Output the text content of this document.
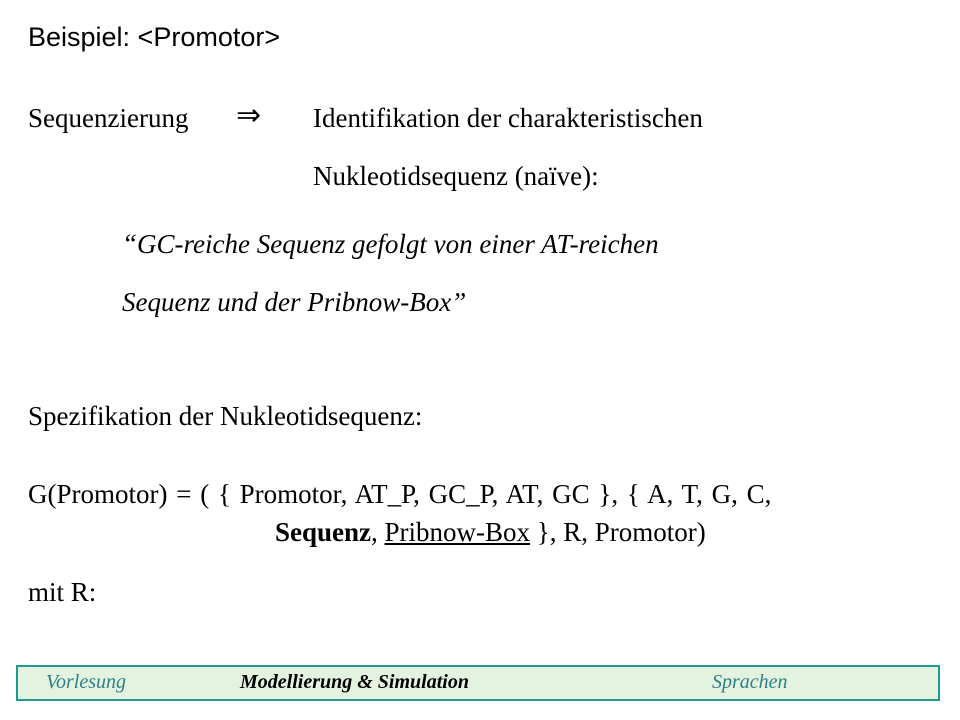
Beispiel: <Promotor>
Sequenzierung ⇒ Identifikation der charakteristischen
Nukleotidsequenz (naïve):
“GC-reiche Sequenz gefolgt von einer AT-reichen
Sequenz und der Pribnow-Box”
Spezifikation der Nukleotidsequenz:
G(Promotor) = ( { Promotor, AT_P, GC_P, AT, GC }, { A, T, G, C,
Sequenz, Pribnow-Box }, R, Promotor)
mit R:
Vorlesung	Modellierung & Simulation	Sprachen
